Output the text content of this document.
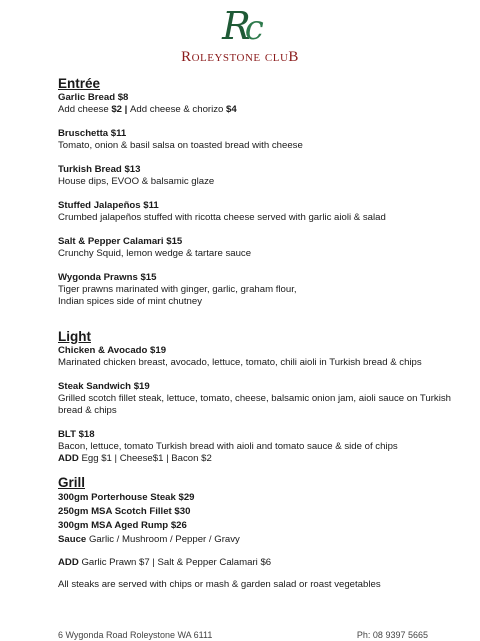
Rc
Roleystone cluB
Entrée
Garlic Bread $8
Add cheese $2 | Add cheese & chorizo $4
Bruschetta $11
Tomato, onion & basil salsa on toasted bread with cheese
Turkish Bread $13
House dips, EVOO & balsamic glaze
Stuffed Jalapeños $11
Crumbed jalapeños stuffed with ricotta cheese served with garlic aioli & salad
Salt & Pepper Calamari $15
Crunchy Squid, lemon wedge & tartare sauce
Wygonda Prawns $15
Tiger prawns marinated with ginger, garlic, graham flour,
Indian spices side of mint chutney
Light
Chicken & Avocado $19
Marinated chicken breast, avocado, lettuce, tomato, chili aioli in Turkish bread & chips
Steak Sandwich $19
Grilled scotch fillet steak, lettuce, tomato, cheese, balsamic onion jam, aioli sauce on Turkish bread & chips
BLT $18
Bacon, lettuce, tomato Turkish bread with aioli and tomato sauce & side of chips
ADD Egg $1 | Cheese$1 | Bacon $2
Grill
300gm Porterhouse Steak $29
250gm MSA Scotch Fillet $30
300gm MSA Aged Rump $26
Sauce Garlic / Mushroom / Pepper / Gravy
ADD Garlic Prawn $7 | Salt & Pepper Calamari $6
All steaks are served with chips or mash & garden salad or roast vegetables
6 Wygonda Road Roleystone WA 6111	Ph: 08 9397 5665
